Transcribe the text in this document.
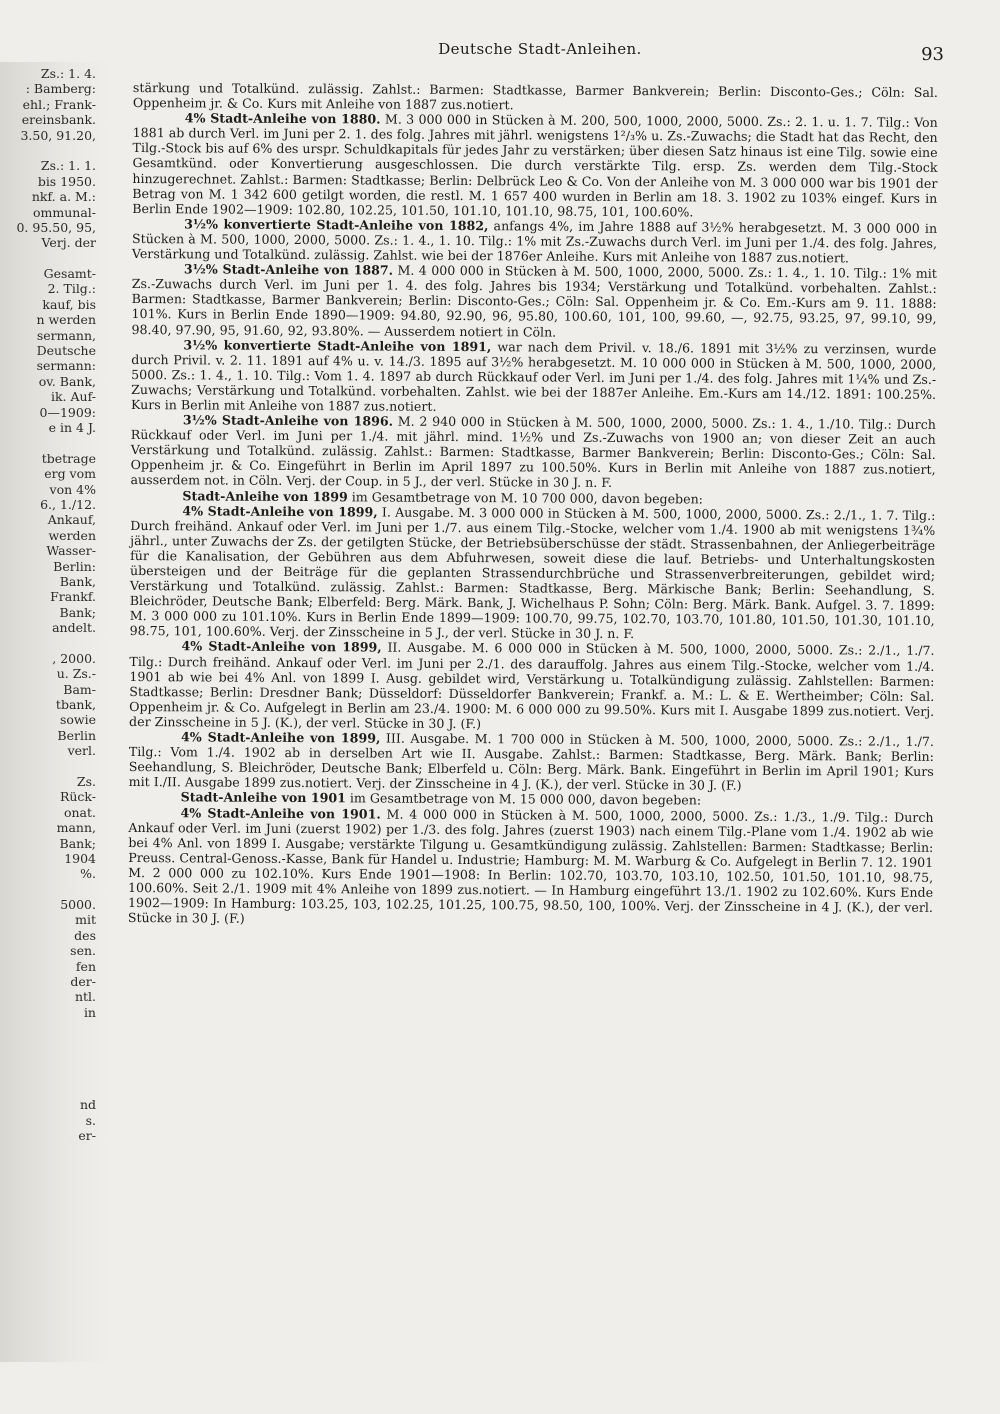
Zs.: 1. 4.
: Bamberg:
ehl.; Frank-
ereinsbank.
3.50, 91.20,
Zs.: 1. 1.
bis 1950.
nkf. a. M.:
ommunal-
0. 95.50, 95,
Verj. der
Gesamt-
2. Tilg.:
kauf, bis
n werden
sermann,
Deutsche
sermann:
ov. Bank,
ik. Auf-
0—1909:
e in 4 J.
tbetrage
erg vom
von 4%
6., 1./12.
Ankauf,
werden
Wasser-
Berlin:
Bank,
Frankf.
Bank;
andelt.
, 2000.
u. Zs.-
Bam-
tbank,
sowie
Berlin
verl.
Zs.
Rück-
onat.
mann,
Bank;
1904
%.
5000.
mit
des
sen.
fen
der-
ntl.
in
nd
s.
er-
Deutsche Stadt-Anleihen.	93

stärkung und Totalkünd. zulässig. Zahlst.: Barmen: Stadtkasse, Barmer Bankverein; Berlin: Disconto-Ges.; Cöln: Sal. Oppenheim jr. & Co. Kurs mit Anleihe von 1887 zus.notiert.

4% Stadt-Anleihe von 1880. M. 3 000 000 in Stücken à M. 200, 500, 1000, 2000, 5000. Zs.: 2. 1. u. 1. 7. Tilg.: Von 1881 ab durch Verl. im Juni per 2. 1. des folg. Jahres mit jährl. wenigstens 1²/₃% u. Zs.-Zuwachs; die Stadt hat das Recht, den Tilg.-Stock bis auf 6% des urspr. Schuldkapitals für jedes Jahr zu verstärken; über diesen Satz hinaus ist eine Tilg. sowie eine Gesamtkünd. oder Konvertierung ausgeschlossen. Die durch verstärkte Tilg. ersp. Zs. werden dem Tilg.-Stock hinzugerechnet. Zahlst.: Barmen: Stadtkasse; Berlin: Delbrück Leo & Co. Von der Anleihe von M. 3 000 000 war bis 1901 der Betrag von M. 1 342 600 getilgt worden, die restl. M. 1 657 400 wurden in Berlin am 18. 3. 1902 zu 103% eingef. Kurs in Berlin Ende 1902—1909: 102.80, 102.25, 101.50, 101.10, 101.10, 98.75, 101, 100.60%.

3½% konvertierte Stadt-Anleihe von 1882, anfangs 4%, im Jahre 1888 auf 3½% herabgesetzt. M. 3 000 000 in Stücken à M. 500, 1000, 2000, 5000. Zs.: 1. 4., 1. 10. Tilg.: 1% mit Zs.-Zuwachs durch Verl. im Juni per 1./4. des folg. Jahres, Verstärkung und Totalkünd. zulässig. Zahlst. wie bei der 1876er Anleihe. Kurs mit Anleihe von 1887 zus.notiert.

3½% Stadt-Anleihe von 1887. M. 4 000 000 in Stücken à M. 500, 1000, 2000, 5000. Zs.: 1. 4., 1. 10. Tilg.: 1% mit Zs.-Zuwachs durch Verl. im Juni per 1. 4. des folg. Jahres bis 1934; Verstärkung und Totalkünd. vorbehalten. Zahlst.: Barmen: Stadtkasse, Barmer Bankverein; Berlin: Disconto-Ges.; Cöln: Sal. Oppenheim jr. & Co. Em.-Kurs am 9. 11. 1888: 101%. Kurs in Berlin Ende 1890—1909: 94.80, 92.90, 96, 95.80, 100.60, 101, 100, 99.60, —, 92.75, 93.25, 97, 99.10, 99, 98.40, 97.90, 95, 91.60, 92, 93.80%. — Ausserdem notiert in Cöln.

3½% konvertierte Stadt-Anleihe von 1891, war nach dem Privil. v. 18./6. 1891 mit 3½% zu verzinsen, wurde durch Privil. v. 2. 11. 1891 auf 4% u. v. 14./3. 1895 auf 3½% herabgesetzt. M. 10 000 000 in Stücken à M. 500, 1000, 2000, 5000. Zs.: 1. 4., 1. 10. Tilg.: Vom 1. 4. 1897 ab durch Rückkauf oder Verl. im Juni per 1./4. des folg. Jahres mit 1¼% und Zs.-Zuwachs; Verstärkung und Totalkünd. vorbehalten. Zahlst. wie bei der 1887er Anleihe. Em.-Kurs am 14./12. 1891: 100.25%. Kurs in Berlin mit Anleihe von 1887 zus.notiert.

3½% Stadt-Anleihe von 1896. M. 2 940 000 in Stücken à M. 500, 1000, 2000, 5000. Zs.: 1. 4., 1./10. Tilg.: Durch Rückkauf oder Verl. im Juni per 1./4. mit jährl. mind. 1½% und Zs.-Zuwachs von 1900 an; von dieser Zeit an auch Verstärkung und Totalkünd. zulässig. Zahlst.: Barmen: Stadtkasse, Barmer Bankverein; Berlin: Disconto-Ges.; Cöln: Sal. Oppenheim jr. & Co. Eingeführt in Berlin im April 1897 zu 100.50%. Kurs in Berlin mit Anleihe von 1887 zus.notiert, ausserdem not. in Cöln. Verj. der Coup. in 5 J., der verl. Stücke in 30 J. n. F.

Stadt-Anleihe von 1899 im Gesamtbetrage von M. 10 700 000, davon begeben:

4% Stadt-Anleihe von 1899, I. Ausgabe. M. 3 000 000 in Stücken à M. 500, 1000, 2000, 5000. Zs.: 2./1., 1. 7. Tilg.: Durch freihänd. Ankauf oder Verl. im Juni per 1./7. aus einem Tilg.-Stocke, welcher vom 1./4. 1900 ab mit wenigstens 1¾% jährl., unter Zuwachs der Zs. der getilgten Stücke, der Betriebsüberschüsse der städt. Strassenbahnen, der Anliegerbeiträge für die Kanalisation, der Gebühren aus dem Abfuhrwesen, soweit diese die lauf. Betriebs- und Unterhaltungskosten übersteigen und der Beiträge für die geplanten Strassendurchbrüche und Strassenverbreiterungen, gebildet wird; Verstärkung und Totalkünd. zulässig. Zahlst.: Barmen: Stadtkasse, Berg. Märkische Bank; Berlin: Seehandlung, S. Bleichröder, Deutsche Bank; Elberfeld: Berg. Märk. Bank, J. Wichelhaus P. Sohn; Cöln: Berg. Märk. Bank. Aufgel. 3. 7. 1899: M. 3 000 000 zu 101.10%. Kurs in Berlin Ende 1899—1909: 100.70, 99.75, 102.70, 103.70, 101.80, 101.50, 101.30, 101.10, 98.75, 101, 100.60%. Verj. der Zinsscheine in 5 J., der verl. Stücke in 30 J. n. F.

4% Stadt-Anleihe von 1899, II. Ausgabe. M. 6 000 000 in Stücken à M. 500, 1000, 2000, 5000. Zs.: 2./1., 1./7. Tilg.: Durch freihänd. Ankauf oder Verl. im Juni per 2./1. des darauffolg. Jahres aus einem Tilg.-Stocke, welcher vom 1./4. 1901 ab wie bei 4% Anl. von 1899 I. Ausg. gebildet wird, Verstärkung u. Totalkündigung zulässig. Zahlstellen: Barmen: Stadtkasse; Berlin: Dresdner Bank; Düsseldorf: Düsseldorfer Bankverein; Frankf. a. M.: L. & E. Wertheimber; Cöln: Sal. Oppenheim jr. & Co. Aufgelegt in Berlin am 23./4. 1900: M. 6 000 000 zu 99.50%. Kurs mit I. Ausgabe 1899 zus.notiert. Verj. der Zinsscheine in 5 J. (K.), der verl. Stücke in 30 J. (F.)

4% Stadt-Anleihe von 1899, III. Ausgabe. M. 1 700 000 in Stücken à M. 500, 1000, 2000, 5000. Zs.: 2./1., 1./7. Tilg.: Vom 1./4. 1902 ab in derselben Art wie II. Ausgabe. Zahlst.: Barmen: Stadtkasse, Berg. Märk. Bank; Berlin: Seehandlung, S. Bleichröder, Deutsche Bank; Elberfeld u. Cöln: Berg. Märk. Bank. Eingeführt in Berlin im April 1901; Kurs mit I./II. Ausgabe 1899 zus.notiert. Verj. der Zinsscheine in 4 J. (K.), der verl. Stücke in 30 J. (F.)

Stadt-Anleihe von 1901 im Gesamtbetrage von M. 15 000 000, davon begeben:

4% Stadt-Anleihe von 1901. M. 4 000 000 in Stücken à M. 500, 1000, 2000, 5000. Zs.: 1./3., 1./9. Tilg.: Durch Ankauf oder Verl. im Juni (zuerst 1902) per 1./3. des folg. Jahres (zuerst 1903) nach einem Tilg.-Plane vom 1./4. 1902 ab wie bei 4% Anl. von 1899 I. Ausgabe; verstärkte Tilgung u. Gesamtkündigung zulässig. Zahlstellen: Barmen: Stadtkasse; Berlin: Preuss. Central-Genoss.-Kasse, Bank für Handel u. Industrie; Hamburg: M. M. Warburg & Co. Aufgelegt in Berlin 7. 12. 1901 M. 2 000 000 zu 102.10%. Kurs Ende 1901—1908: In Berlin: 102.70, 103.70, 103.10, 102.50, 101.50, 101.10, 98.75, 100.60%. Seit 2./1. 1909 mit 4% Anleihe von 1899 zus.notiert. — In Hamburg eingeführt 13./1. 1902 zu 102.60%. Kurs Ende 1902—1909: In Hamburg: 103.25, 103, 102.25, 101.25, 100.75, 98.50, 100, 100%. Verj. der Zinsscheine in 4 J. (K.), der verl. Stücke in 30 J. (F.)
